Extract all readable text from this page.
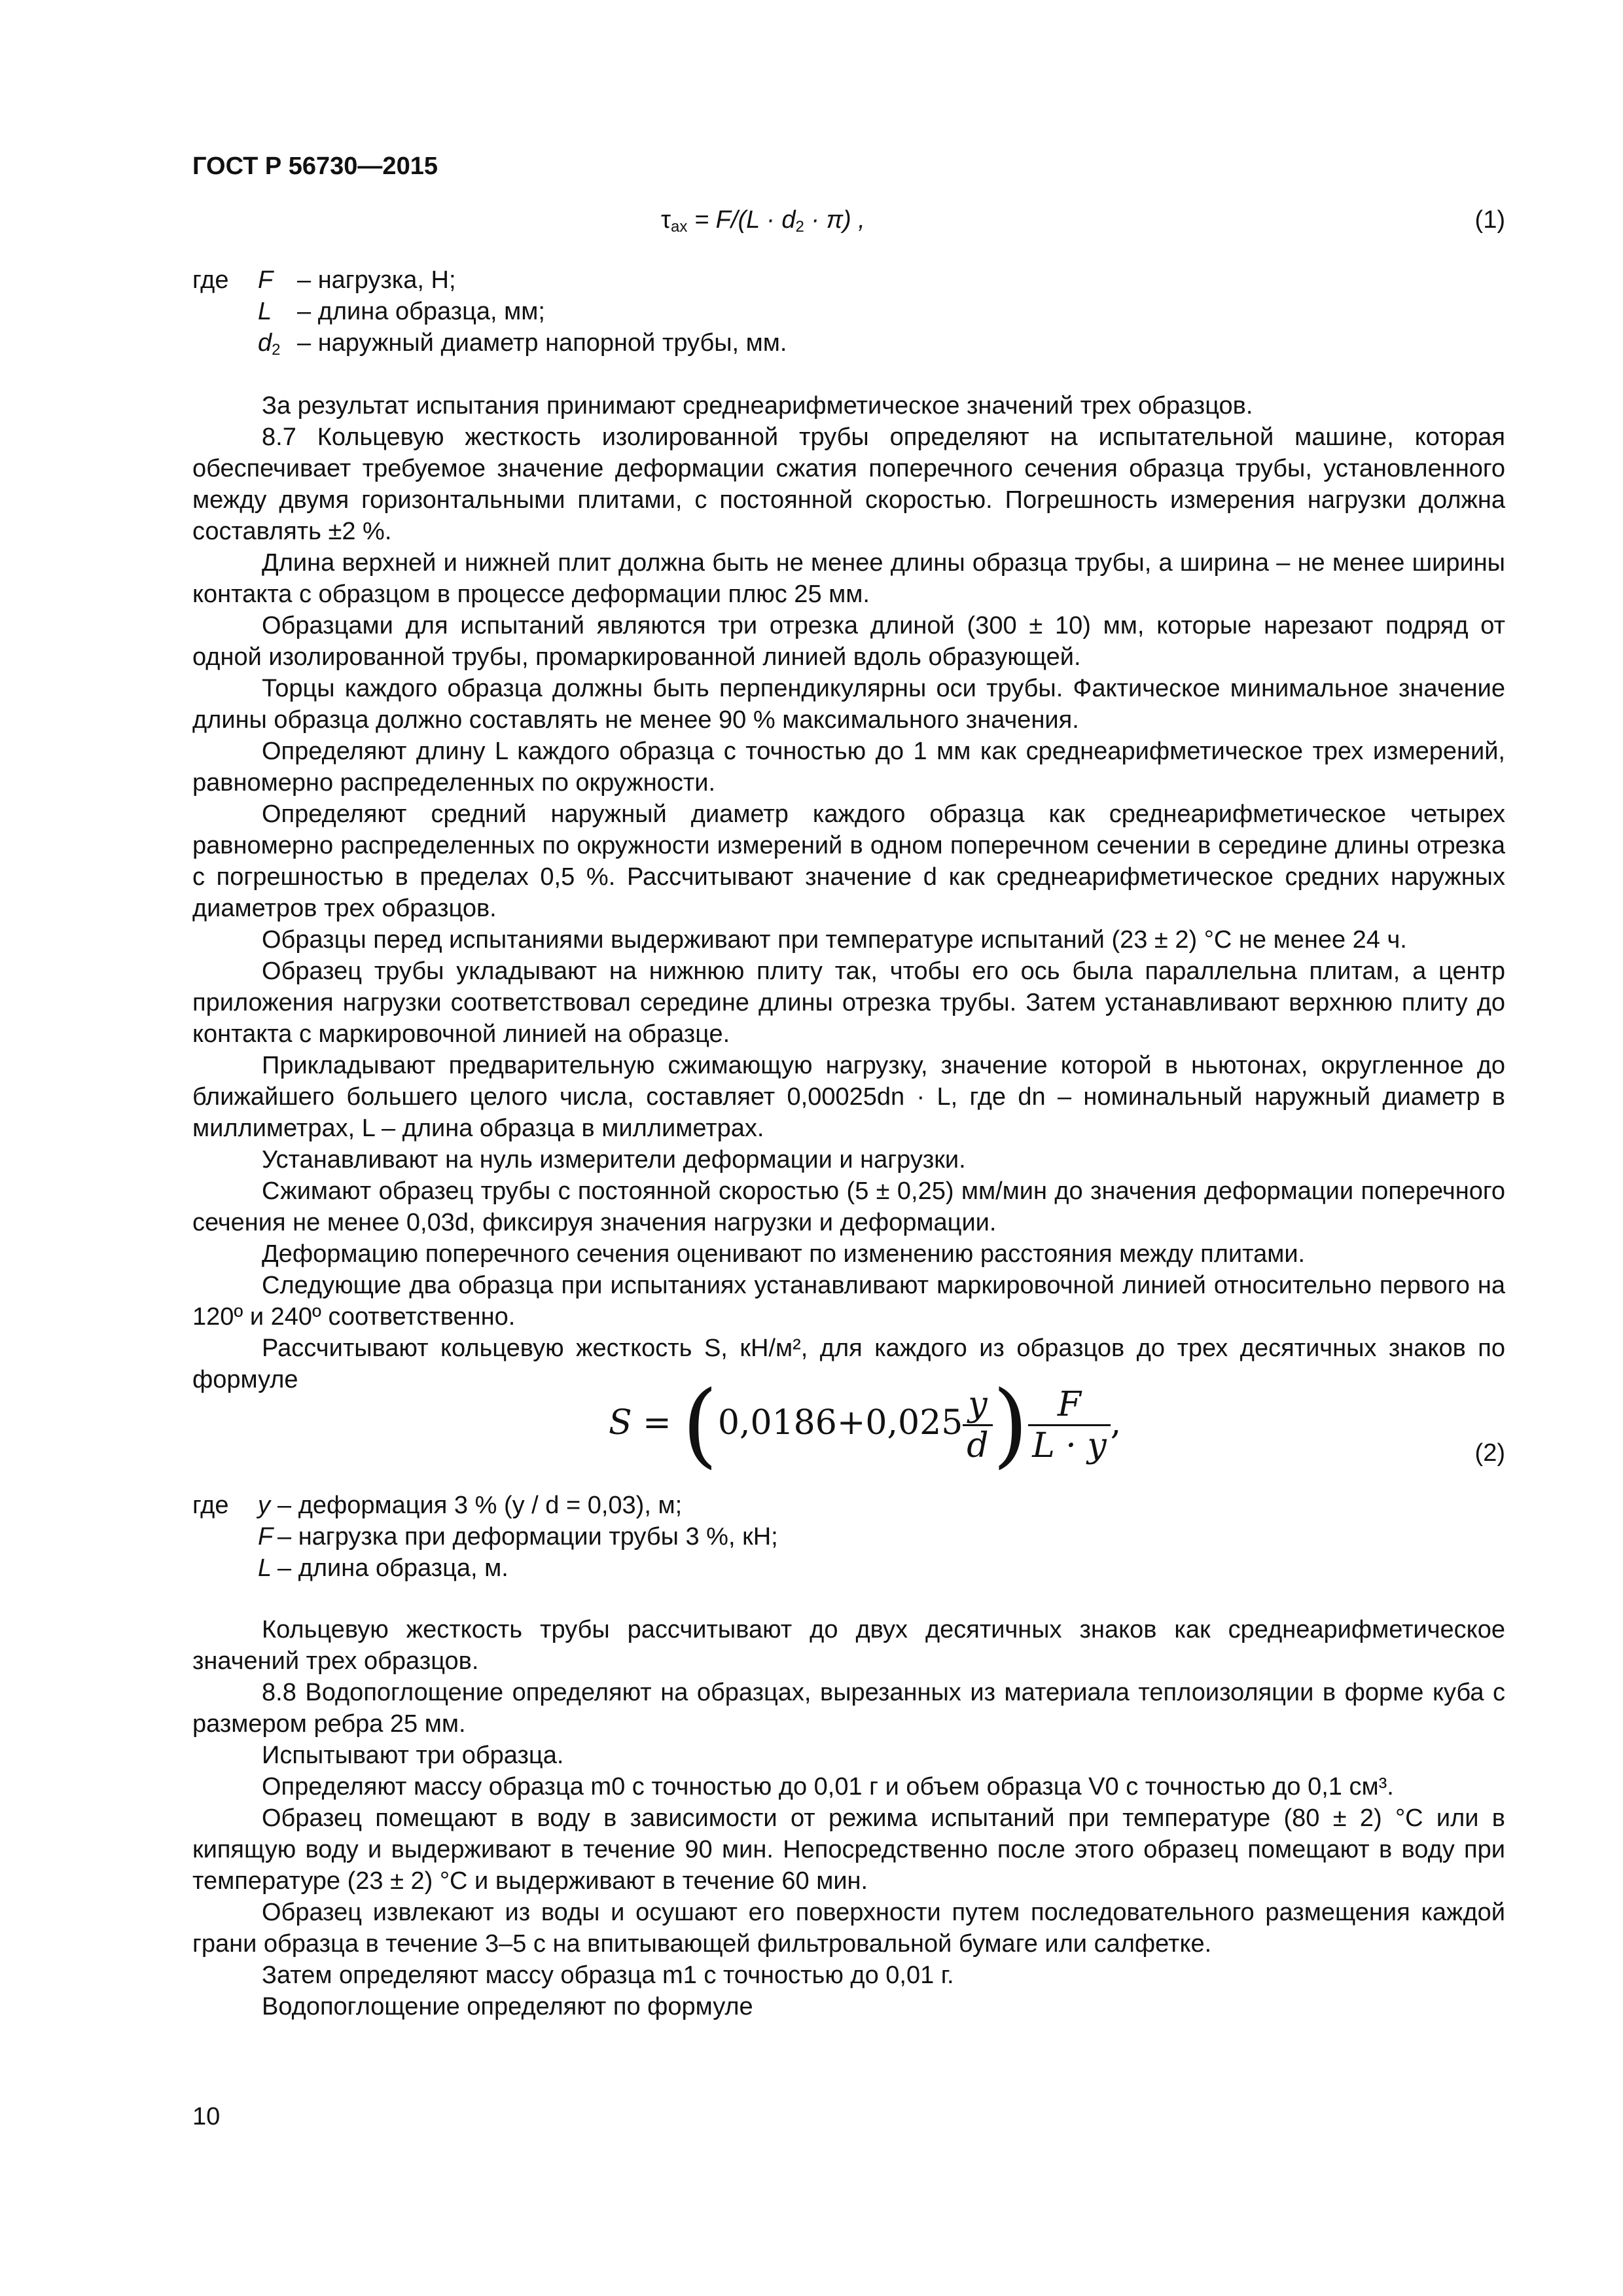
ГОСТ Р 56730—2015
$\tau_{ax} = F/(L \cdot d_2 \cdot \pi)$ ,	(1)
где	F – нагрузка, Н;
L	– длина образца, мм;
$d_2$ – наружный диаметр напорной трубы, мм.

За результат испытания принимают среднеарифметическое значений трех образцов.

8.7 Кольцевую жесткость изолированной трубы определяют на испытательной машине, которая обеспечивает требуемое значение деформации сжатия поперечного сечения образца трубы, установленного между двумя горизонтальными плитами, с постоянной скоростью. Погрешность измерения нагрузки должна составлять ±2 %.

Длина верхней и нижней плит должна быть не менее длины образца трубы, а ширина – не менее ширины контакта с образцом в процессе деформации плюс 25 мм.

Образцами для испытаний являются три отрезка длиной (300 ± 10) мм, которые нарезают подряд от одной изолированной трубы, промаркированной линией вдоль образующей.

Торцы каждого образца должны быть перпендикулярны оси трубы. Фактическое минимальное значение длины образца должно составлять не менее 90 % максимального значения.

Определяют длину L каждого образца с точностью до 1 мм как среднеарифметическое трех измерений, равномерно распределенных по окружности.

Определяют средний наружный диаметр каждого образца как среднеарифметическое четырех равномерно распределенных по окружности измерений в одном поперечном сечении в середине длины отрезка с погрешностью в пределах 0,5 %. Рассчитывают значение d как среднеарифметическое средних наружных диаметров трех образцов.

Образцы перед испытаниями выдерживают при температуре испытаний (23 ± 2) °С не менее 24 ч.

Образец трубы укладывают на нижнюю плиту так, чтобы его ось была параллельна плитам, а центр приложения нагрузки соответствовал середине длины отрезка трубы. Затем устанавливают верхнюю плиту до контакта с маркировочной линией на образце.

Прикладывают предварительную сжимающую нагрузку, значение которой в ньютонах, округленное до ближайшего большего целого числа, составляет 0,00025dn · L, где dn – номинальный наружный диаметр в миллиметрах, L – длина образца в миллиметрах.

Устанавливают на нуль измерители деформации и нагрузки.

Сжимают образец трубы с постоянной скоростью (5 ± 0,25) мм/мин до значения деформации поперечного сечения не менее 0,03d, фиксируя значения нагрузки и деформации.

Деформацию поперечного сечения оценивают по изменению расстояния между плитами.

Следующие два образца при испытаниях устанавливают маркировочной линией относительно первого на 120º и 240º соответственно.

Рассчитывают кольцевую жесткость S, кН/м², для каждого из образцов до трех десятичных знаков по формуле

$S = (0,0186+0,025 \frac{y}{d}$ ) $\frac{F}{L \cdot y}$ ,
(2)
где	y – деформация 3 % (y / d = 0,03), м;
F – нагрузка при деформации трубы 3 %, кН;
L – длина образца, м.

Кольцевую жесткость трубы рассчитывают до двух десятичных знаков как среднеарифметическое значений трех образцов.

8.8 Водопоглощение определяют на образцах, вырезанных из материала теплоизоляции в форме куба с размером ребра 25 мм.

Испытывают три образца.

Определяют массу образца m0 с точностью до 0,01 г и объем образца V0 с точностью до 0,1 см³.

Образец помещают в воду в зависимости от режима испытаний при температуре (80 ± 2) °С или в кипящую воду и выдерживают в течение 90 мин. Непосредственно после этого образец помещают в воду при температуре (23 ± 2) °С и выдерживают в течение 60 мин.

Образец извлекают из воды и осушают его поверхности путем последовательного размещения каждой грани образца в течение 3–5 с на впитывающей фильтровальной бумаге или салфетке.

Затем определяют массу образца m1 с точностью до 0,01 г.

Водопоглощение определяют по формуле

10
